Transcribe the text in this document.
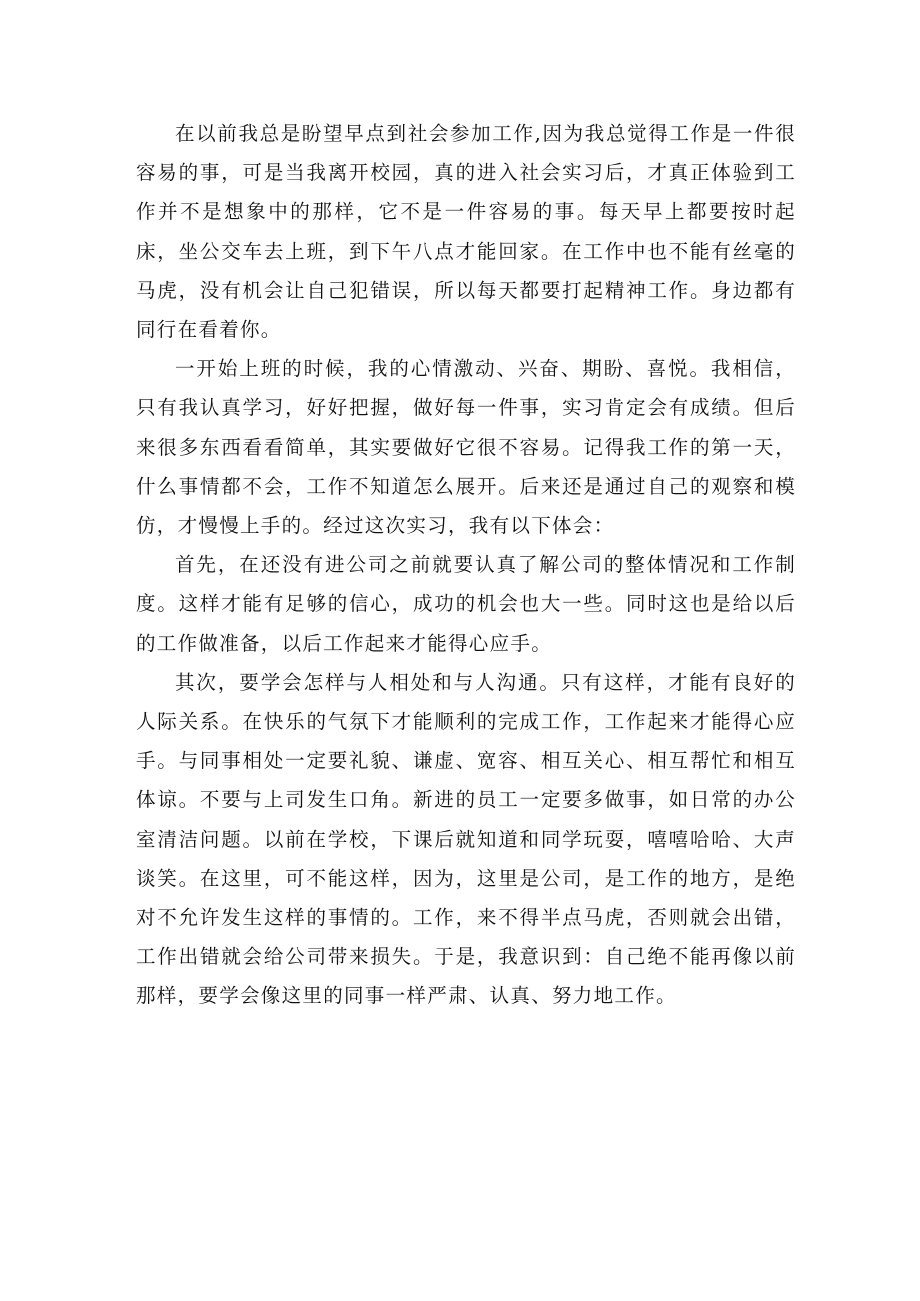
在以前我总是盼望早点到社会参加工作,因为我总觉得工作是一件很容易的事，可是当我离开校园，真的进入社会实习后，才真正体验到工作并不是想象中的那样，它不是一件容易的事。每天早上都要按时起床，坐公交车去上班，到下午八点才能回家。在工作中也不能有丝毫的马虎，没有机会让自己犯错误，所以每天都要打起精神工作。身边都有同行在看着你。

一开始上班的时候，我的心情激动、兴奋、期盼、喜悦。我相信，只有我认真学习，好好把握，做好每一件事，实习肯定会有成绩。但后来很多东西看看简单，其实要做好它很不容易。记得我工作的第一天，什么事情都不会，工作不知道怎么展开。后来还是通过自己的观察和模仿，才慢慢上手的。经过这次实习，我有以下体会：

首先，在还没有进公司之前就要认真了解公司的整体情况和工作制度。这样才能有足够的信心，成功的机会也大一些。同时这也是给以后的工作做准备，以后工作起来才能得心应手。

其次，要学会怎样与人相处和与人沟通。只有这样，才能有良好的人际关系。在快乐的气氛下才能顺利的完成工作，工作起来才能得心应手。与同事相处一定要礼貌、谦虚、宽容、相互关心、相互帮忙和相互体谅。不要与上司发生口角。新进的员工一定要多做事，如日常的办公室清洁问题。以前在学校，下课后就知道和同学玩耍，嘻嘻哈哈、大声谈笑。在这里，可不能这样，因为，这里是公司，是工作的地方，是绝对不允许发生这样的事情的。工作，来不得半点马虎，否则就会出错，工作出错就会给公司带来损失。于是，我意识到：自己绝不能再像以前那样，要学会像这里的同事一样严肃、认真、努力地工作。
